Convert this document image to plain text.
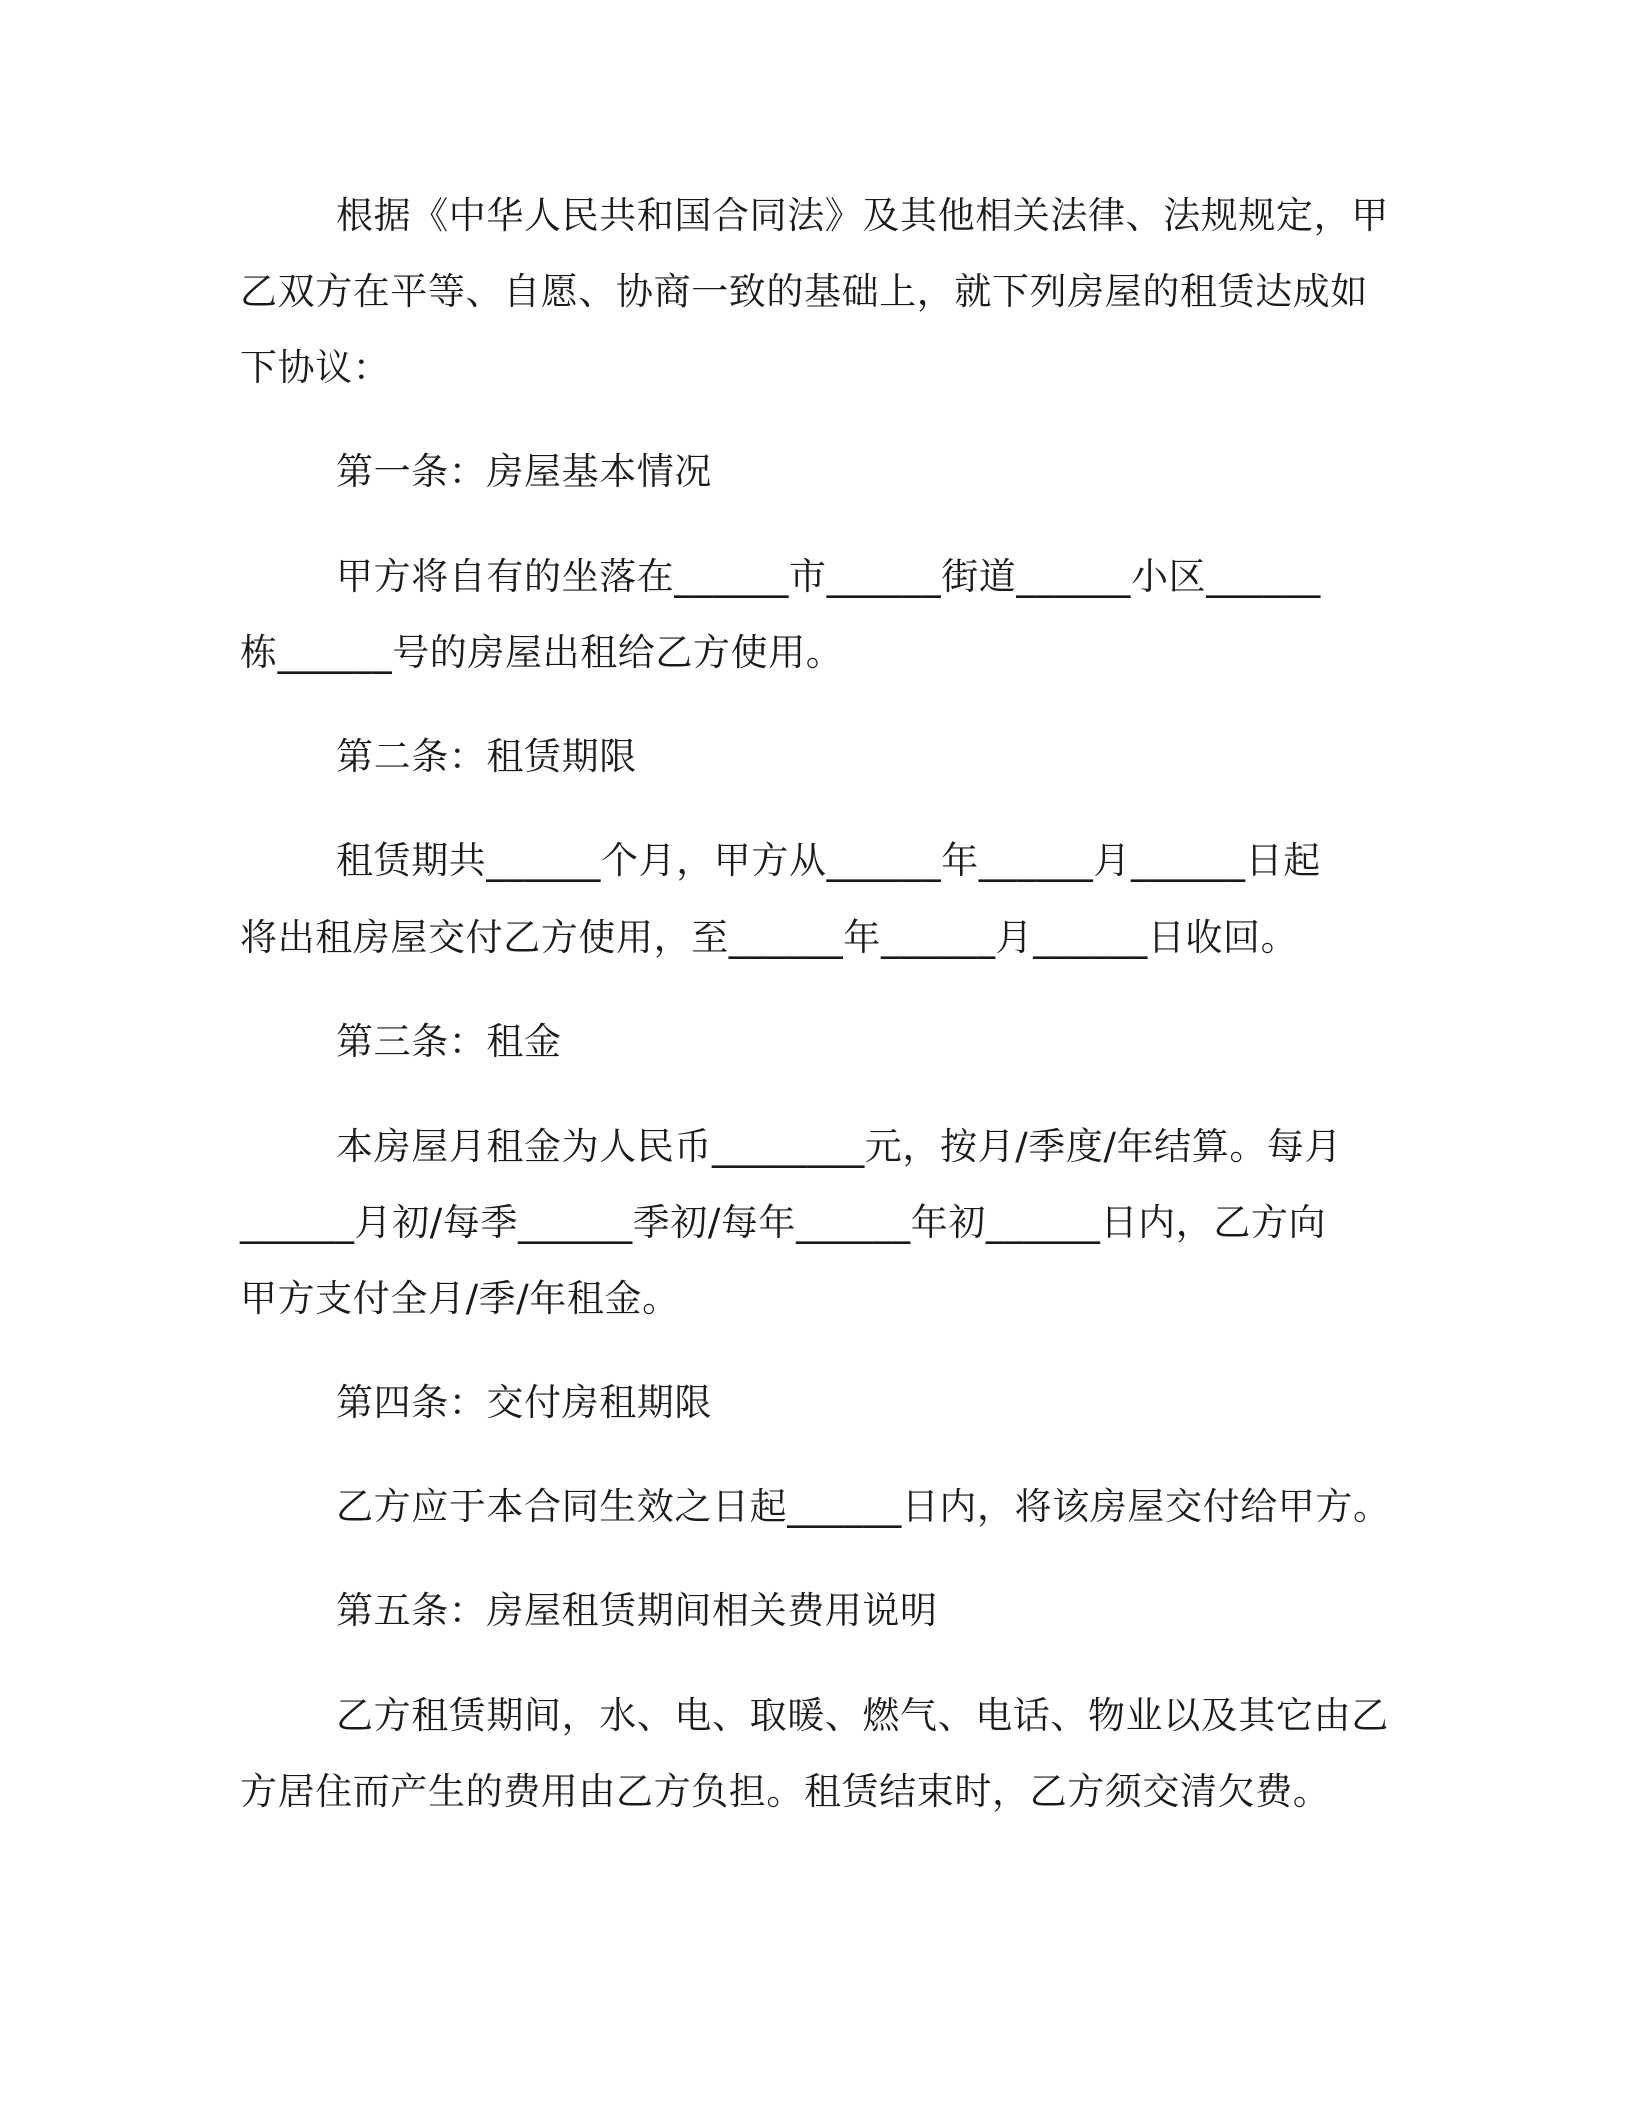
根据《中华人民共和国合同法》及其他相关法律、法规规定，甲
乙双方在平等、自愿、协商一致的基础上，就下列房屋的租赁达成如
下协议：
第一条：房屋基本情况
甲方将自有的坐落在______市______街道______小区______
栋______号的房屋出租给乙方使用。
第二条：租赁期限
租赁期共______个月，甲方从______年______月______日起
将出租房屋交付乙方使用，至______年______月______日收回。
第三条：租金
本房屋月租金为人民币________元，按月/季度/年结算。每月
______月初/每季______季初/每年______年初______日内，乙方向
甲方支付全月/季/年租金。
第四条：交付房租期限
乙方应于本合同生效之日起______日内，将该房屋交付给甲方。
第五条：房屋租赁期间相关费用说明
乙方租赁期间，水、电、取暖、燃气、电话、物业以及其它由乙
方居住而产生的费用由乙方负担。租赁结束时，乙方须交清欠费。
